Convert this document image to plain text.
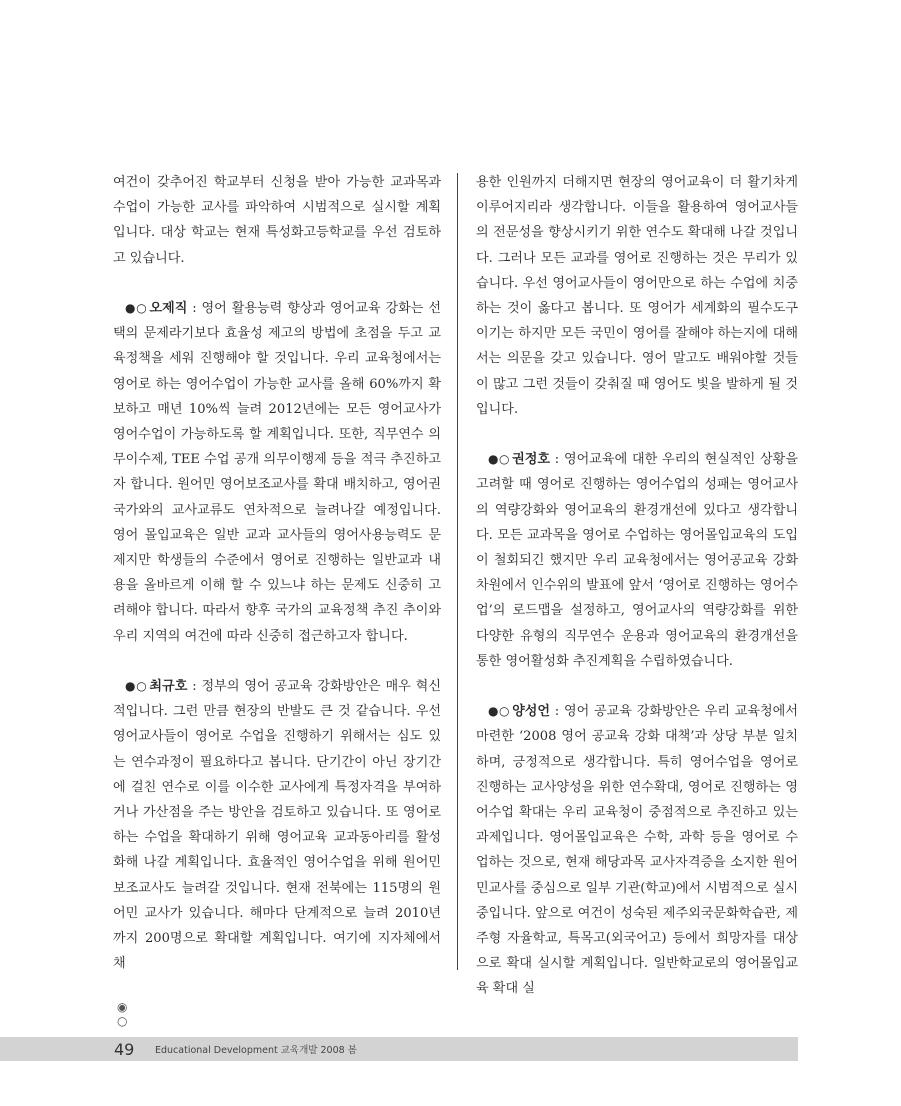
여건이 갖추어진 학교부터 신청을 받아 가능한 교과목과 수업이 가능한 교사를 파악하여 시범적으로 실시할 계획입니다. 대상 학교는 현재 특성화고등학교를 우선 검토하고 있습니다.

●○ 오제직 : 영어 활용능력 향상과 영어교육 강화는 선택의 문제라기보다 효율성 제고의 방법에 초점을 두고 교육정책을 세워 진행해야 할 것입니다. 우리 교육청에서는 영어로 하는 영어수업이 가능한 교사를 올해 60%까지 확보하고 매년 10%씩 늘려 2012년에는 모든 영어교사가 영어수업이 가능하도록 할 계획입니다. 또한, 직무연수 의무이수제, TEE 수업 공개 의무이행제 등을 적극 추진하고자 합니다. 원어민 영어보조교사를 확대 배치하고, 영어권 국가와의 교사교류도 연차적으로 늘려나갈 예정입니다. 영어 몰입교육은 일반 교과 교사들의 영어사용능력도 문제지만 학생들의 수준에서 영어로 진행하는 일반교과 내용을 올바르게 이해 할 수 있느냐 하는 문제도 신중히 고려해야 합니다. 따라서 향후 국가의 교육정책 추진 추이와 우리 지역의 여건에 따라 신중히 접근하고자 합니다.

●○ 최규호 : 정부의 영어 공교육 강화방안은 매우 혁신적입니다. 그런 만큼 현장의 반발도 큰 것 같습니다. 우선 영어교사들이 영어로 수업을 진행하기 위해서는 심도 있는 연수과정이 필요하다고 봅니다. 단기간이 아닌 장기간에 걸친 연수로 이를 이수한 교사에게 특정자격을 부여하거나 가산점을 주는 방안을 검토하고 있습니다. 또 영어로 하는 수업을 확대하기 위해 영어교육 교과동아리를 활성화해 나갈 계획입니다. 효율적인 영어수업을 위해 원어민 보조교사도 늘려갈 것입니다. 현재 전북에는 115명의 원어민 교사가 있습니다. 해마다 단계적으로 늘려 2010년까지 200명으로 확대할 계획입니다. 여기에 지자체에서 채

용한 인원까지 더해지면 현장의 영어교육이 더 활기차게 이루어지리라 생각합니다. 이들을 활용하여 영어교사들의 전문성을 향상시키기 위한 연수도 확대해 나갈 것입니다. 그러나 모든 교과를 영어로 진행하는 것은 무리가 있습니다. 우선 영어교사들이 영어만으로 하는 수업에 치중하는 것이 옳다고 봅니다. 또 영어가 세계화의 필수도구이기는 하지만 모든 국민이 영어를 잘해야 하는지에 대해서는 의문을 갖고 있습니다. 영어 말고도 배워야할 것들이 많고 그런 것들이 갖춰질 때 영어도 빛을 발하게 될 것입니다.

●○ 권정호 : 영어교육에 대한 우리의 현실적인 상황을 고려할 때 영어로 진행하는 영어수업의 성패는 영어교사의 역량강화와 영어교육의 환경개선에 있다고 생각합니다. 모든 교과목을 영어로 수업하는 영어몰입교육의 도입이 철회되긴 했지만 우리 교육청에서는 영어공교육 강화 차원에서 인수위의 발표에 앞서 ‘영어로 진행하는 영어수업’의 로드맵을 설정하고, 영어교사의 역량강화를 위한 다양한 유형의 직무연수 운용과 영어교육의 환경개선을 통한 영어활성화 추진계획을 수립하였습니다.

●○ 양성언 : 영어 공교육 강화방안은 우리 교육청에서 마련한 ‘2008 영어 공교육 강화 대책’과 상당 부분 일치하며, 긍정적으로 생각합니다. 특히 영어수업을 영어로 진행하는 교사양성을 위한 연수확대, 영어로 진행하는 영어수업 확대는 우리 교육청이 중점적으로 추진하고 있는 과제입니다. 영어몰입교육은 수학, 과학 등을 영어로 수업하는 것으로, 현재 해당과목 교사자격증을 소지한 원어민교사를 중심으로 일부 기관(학교)에서 시범적으로 실시 중입니다. 앞으로 여건이 성숙된 제주외국문화학습관, 제주형 자율학교, 특목고(외국어고) 등에서 희망자를 대상으로 확대 실시할 계획입니다. 일반학교로의 영어몰입교육 확대 실

◉
○
49 Educational Development 교육개발 2008 봄
